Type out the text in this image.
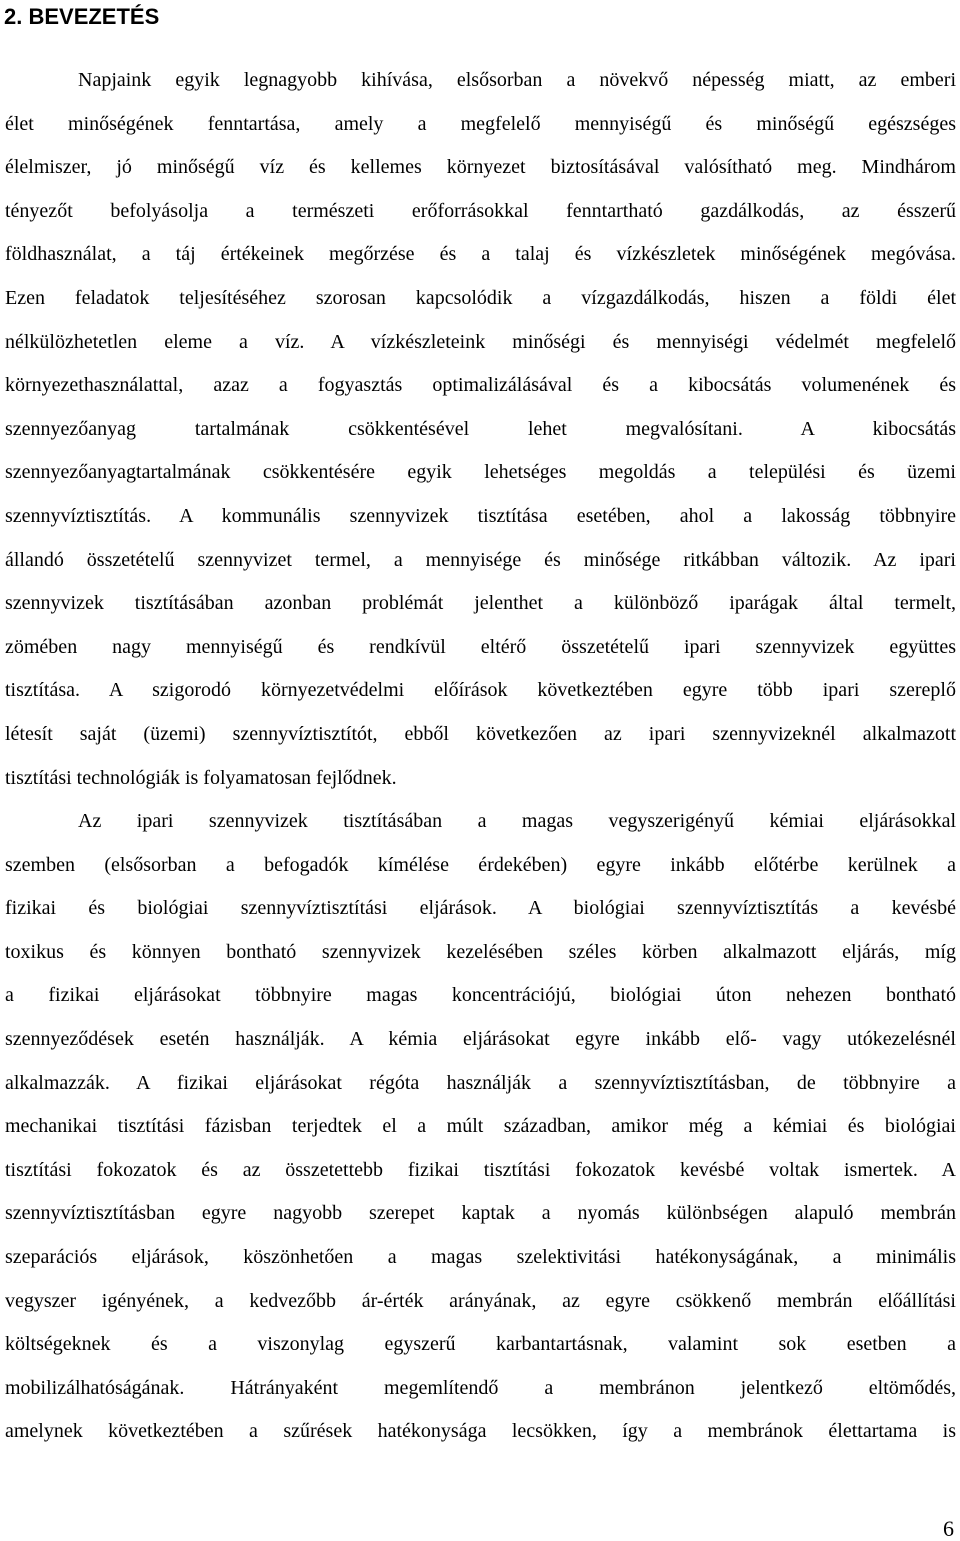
2. BEVEZETÉS
Napjaink egyik legnagyobb kihívása, elsősorban a növekvő népesség miatt, az emberi
élet minőségének fenntartása, amely a megfelelő mennyiségű és minőségű egészséges
élelmiszer, jó minőségű víz és kellemes környezet biztosításával valósítható meg. Mindhárom
tényezőt befolyásolja a természeti erőforrásokkal fenntartható gazdálkodás, az ésszerű
földhasználat, a táj értékeinek megőrzése és a talaj és vízkészletek minőségének megóvása.
Ezen feladatok teljesítéséhez szorosan kapcsolódik a vízgazdálkodás, hiszen a földi élet
nélkülözhetetlen eleme a víz. A vízkészleteink minőségi és mennyiségi védelmét megfelelő
környezethasználattal, azaz a fogyasztás optimalizálásával és a kibocsátás volumenének és
szennyezőanyag tartalmának csökkentésével lehet megvalósítani. A kibocsátás
szennyezőanyagtartalmának csökkentésére egyik lehetséges megoldás a települési és üzemi
szennyvíztisztítás. A kommunális szennyvizek tisztítása esetében, ahol a lakosság többnyire
állandó összetételű szennyvizet termel, a mennyisége és minősége ritkábban változik. Az ipari
szennyvizek tisztításában azonban problémát jelenthet a különböző iparágak által termelt,
zömében nagy mennyiségű és rendkívül eltérő összetételű ipari szennyvizek együttes
tisztítása. A szigorodó környezetvédelmi előírások következtében egyre több ipari szereplő
létesít saját (üzemi) szennyvíztisztítót, ebből következően az ipari szennyvizeknél alkalmazott
tisztítási technológiák is folyamatosan fejlődnek.
Az ipari szennyvizek tisztításában a magas vegyszerigényű kémiai eljárásokkal
szemben (elsősorban a befogadók kímélése érdekében) egyre inkább előtérbe kerülnek a
fizikai és biológiai szennyvíztisztítási eljárások. A biológiai szennyvíztisztítás a kevésbé
toxikus és könnyen bontható szennyvizek kezelésében széles körben alkalmazott eljárás, míg
a fizikai eljárásokat többnyire magas koncentrációjú, biológiai úton nehezen bontható
szennyeződések esetén használják. A kémia eljárásokat egyre inkább elő- vagy utókezelésnél
alkalmazzák. A fizikai eljárásokat régóta használják a szennyvíztisztításban, de többnyire a
mechanikai tisztítási fázisban terjedtek el a múlt században, amikor még a kémiai és biológiai
tisztítási fokozatok és az összetettebb fizikai tisztítási fokozatok kevésbé voltak ismertek. A
szennyvíztisztításban egyre nagyobb szerepet kaptak a nyomás különbségen alapuló membrán
szeparációs eljárások, köszönhetően a magas szelektivitási hatékonyságának, a minimális
vegyszer igényének, a kedvezőbb ár-érték arányának, az egyre csökkenő membrán előállítási
költségeknek és a viszonylag egyszerű karbantartásnak, valamint sok esetben a
mobilizálhatóságának. Hátrányaként megemlítendő a membránon jelentkező eltömődés,
amelynek következtében a szűrések hatékonysága lecsökken, így a membránok élettartama is
6
